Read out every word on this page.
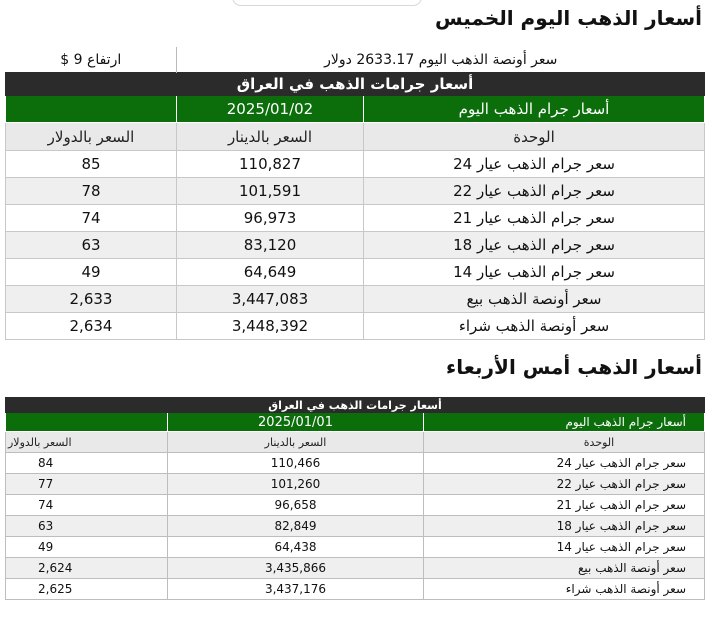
أسعار الذهب اليوم الخميس
ارتفاع 9 $	سعر أونصة الذهب اليوم 2633.17 دولار	
أسعار جرامات الذهب في العراق		
	2025/01/02	أسعار جرام الذهب اليوم
السعر بالدولار	السعر بالدينار	الوحدة
85	110,827	سعر جرام الذهب عيار 24
78	101,591	سعر جرام الذهب عيار 22
74	96,973	سعر جرام الذهب عيار 21
63	83,120	سعر جرام الذهب عيار 18
49	64,649	سعر جرام الذهب عيار 14
2,633	3,447,083	سعر أونصة الذهب بيع
2,634	3,448,392	سعر أونصة الذهب شراء
أسعار الذهب أمس الأربعاء
أسعار جرامات الذهب في العراق		
	2025/01/01	أسعار جرام الذهب اليوم
السعر بالدولار	السعر بالدينار	الوحدة
84	110,466	سعر جرام الذهب عيار 24
77	101,260	سعر جرام الذهب عيار 22
74	96,658	سعر جرام الذهب عيار 21
63	82,849	سعر جرام الذهب عيار 18
49	64,438	سعر جرام الذهب عيار 14
2,624	3,435,866	سعر أونصة الذهب بيع
2,625	3,437,176	سعر أونصة الذهب شراء
